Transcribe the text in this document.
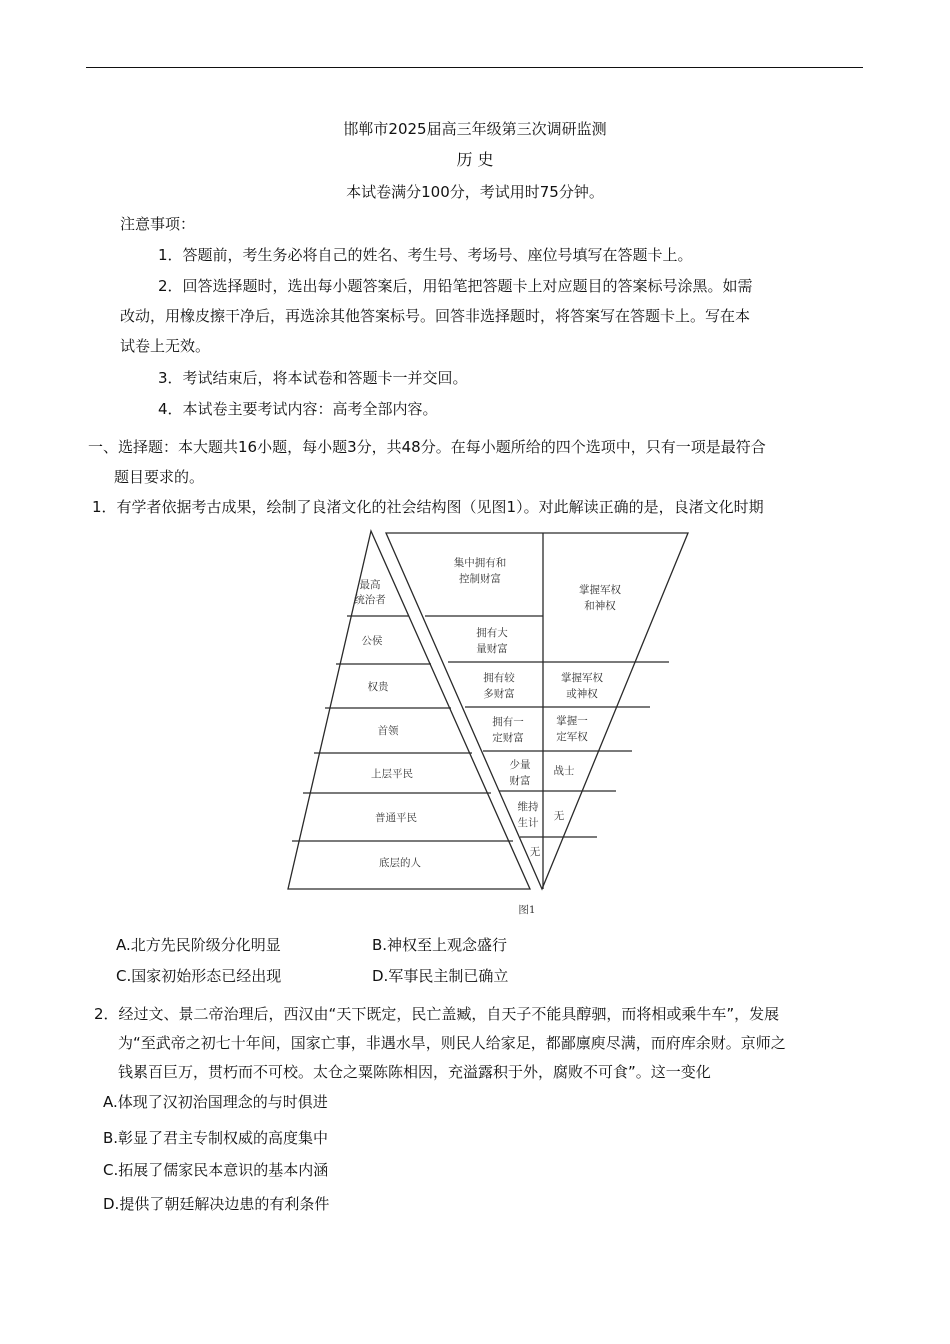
邯郸市2025届高三年级第三次调研监测
历 史
本试卷满分100分，考试用时75分钟。
注意事项：
1．答题前，考生务必将自己的姓名、考生号、考场号、座位号填写在答题卡上。
2．回答选择题时，选出每小题答案后，用铅笔把答题卡上对应题目的答案标号涂黑。如需
改动，用橡皮擦干净后，再选涂其他答案标号。回答非选择题时，将答案写在答题卡上。写在本
试卷上无效。
3．考试结束后，将本试卷和答题卡一并交回。
4．本试卷主要考试内容：高考全部内容。
一、选择题：本大题共16小题，每小题3分，共48分。在每小题所给的四个选项中，只有一项是最符合
题目要求的。
1．有学者依据考古成果，绘制了良渚文化的社会结构图（见图1）。对此解读正确的是，良渚文化时期
最高
统治者
公侯
权贵
首领
上层平民
普通平民
底层的人
集中拥有和
控制财富
拥有大
量财富
拥有较
多财富
拥有一
定财富
少量
财富
维持
生计
无
掌握军权
和神权
掌握军权
或神权
掌握一
定军权
战士
无
图1
A.北方先民阶级分化明显	B.神权至上观念盛行
C.国家初始形态已经出现	D.军事民主制已确立
2．经过文、景二帝治理后，西汉由“天下既定，民亡盖臧，自天子不能具醇驷，而将相或乘牛车”，发展
为“至武帝之初七十年间，国家亡事，非遇水旱，则民人给家足，都鄙廪庾尽满，而府库余财。京师之
钱累百巨万，贯朽而不可校。太仓之粟陈陈相因，充溢露积于外，腐败不可食”。这一变化
A.体现了汉初治国理念的与时俱进
B.彰显了君主专制权威的高度集中
C.拓展了儒家民本意识的基本内涵
D.提供了朝廷解决边患的有利条件
